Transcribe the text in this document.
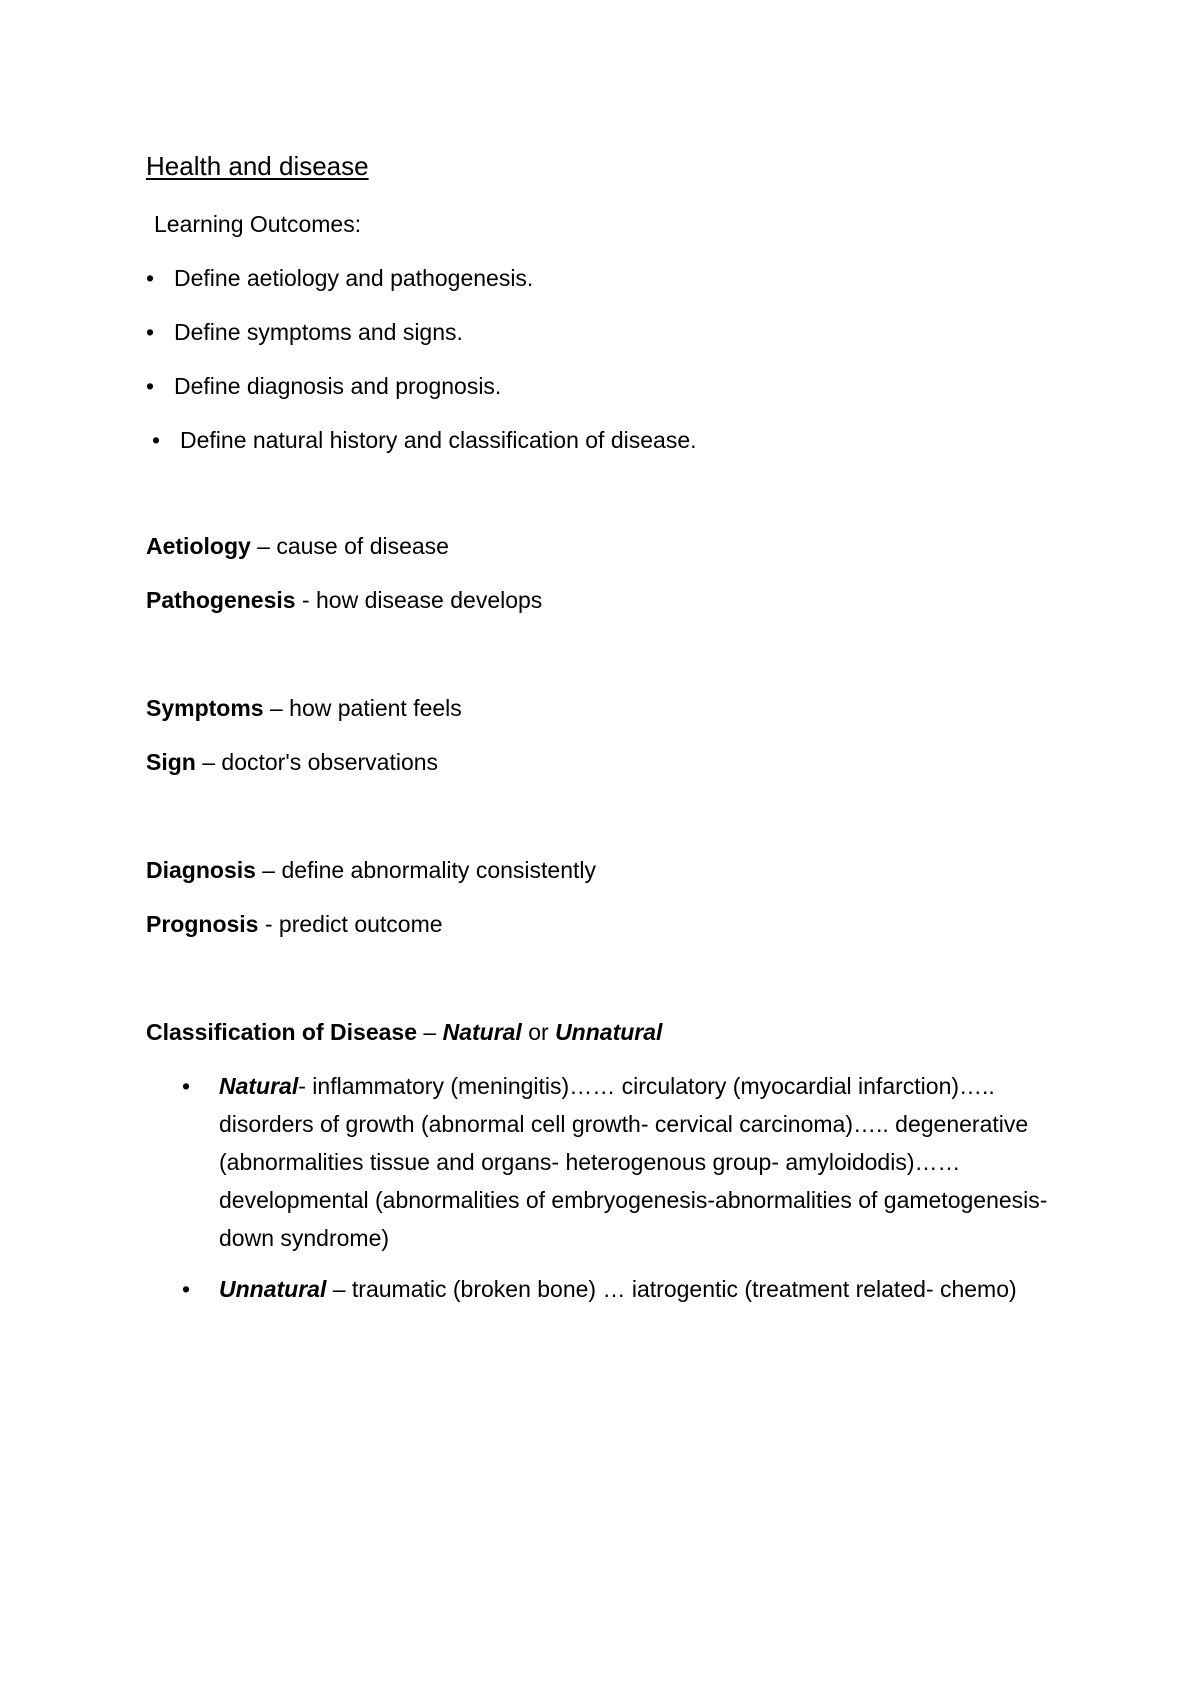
Health and disease
Learning Outcomes:
• Define aetiology and pathogenesis.
• Define symptoms and signs.
• Define diagnosis and prognosis.
• Define natural history and classification of disease.
Aetiology – cause of disease
Pathogenesis - how disease develops
Symptoms – how patient feels
Sign – doctor's observations
Diagnosis – define abnormality consistently
Prognosis - predict outcome
Classification of Disease – Natural or Unnatural
•	Natural- inflammatory (meningitis)…… circulatory (myocardial infarction)….. disorders of growth (abnormal cell growth- cervical carcinoma)….. degenerative (abnormalities tissue and organs- heterogenous group- amyloidodis)……developmental (abnormalities of embryogenesis-abnormalities of gametogenesis-down syndrome)
•	Unnatural – traumatic (broken bone) … iatrogentic (treatment related- chemo)
